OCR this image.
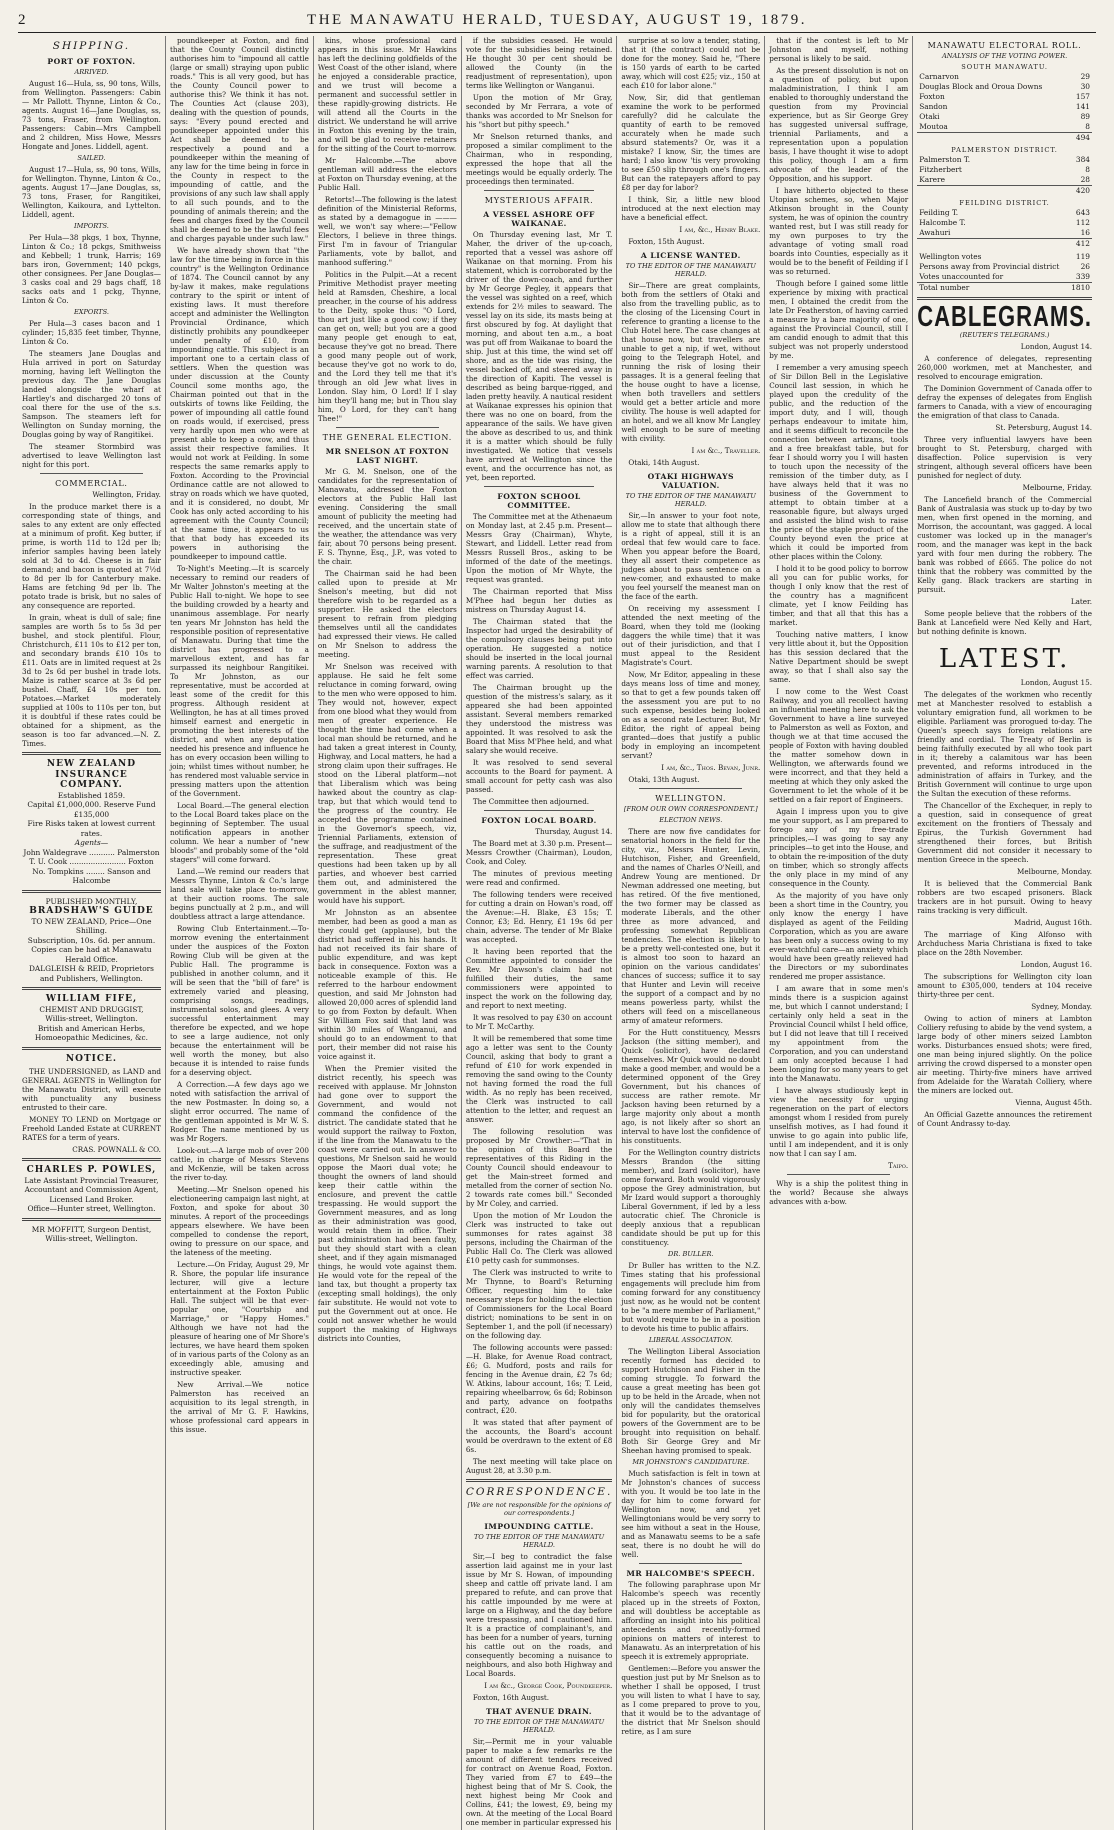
2	THE MANAWATU HERALD, TUESDAY, AUGUST 19, 1879.
SHIPPING.
PORT OF FOXTON.
ARRIVED.

August 16—Hula, ss, 90 tons, Wills, from Wellington. Passengers: Cabin — Mr Pallott. Thynne, Linton & Co., agents. August 16—Jane Douglas, ss, 73 tons, Fraser, from Wellington. Passengers: Cabin—Mrs Campbell and 2 children, Miss Howe, Messrs Hongate and Jones. Liddell, agent.

SAILED.

August 17—Hula, ss, 90 tons, Wills, for Wellington. Thynne, Linton & Co., agents. August 17—Jane Douglas, ss, 73 tons, Fraser, for Rangitikei, Wellington, Kaikoura, and Lyttelton. Liddell, agent.

IMPORTS.

Per Hula—38 pkgs, 1 box, Thynne, Linton & Co.; 18 pckgs, Smithweiss and Kebbell; 1 trunk, Harris; 169 bars iron, Government; 140 pckgs, other consignees. Per Jane Douglas—3 casks coal and 29 bags chaff, 18 sacks oats and 1 pckg, Thynne, Linton & Co.

EXPORTS.

Per Hula—3 cases bacon and 1 cylinder; 15,835 feet timber, Thynne, Linton & Co.

The steamers Jane Douglas and Hula arrived in port on Saturday morning, having left Wellington the previous day. The Jane Douglas landed alongside the wharf at Hartley's and discharged 20 tons of coal there for the use of the s.s. Sampson. The steamers left for Wellington on Sunday morning, the Douglas going by way of Rangitikei.

The steamer Stormbird was advertised to leave Wellington last night for this port.

COMMERCIAL.
Wellington, Friday.

In the produce market there is a corresponding state of things, and sales to any extent are only effected at a minimum of profit. Keg butter, if prime, is worth 11d to 12d per lb; inferior samples having been lately sold at 3d to 4d. Cheese is in fair demand; and bacon is quoted at 7½d to 8d per lb for Canterbury make. Hams are fetching 9d per lb. The potato trade is brisk, but no sales of any consequence are reported.

In grain, wheat is dull of sale; fine samples are worth 5s to 5s 3d per bushel, and stock plentiful. Flour, Christchurch, £11 10s to £12 per ton, and secondary brands £10 10s to £11. Oats are in limited request at 2s 3d to 2s 6d per bushel in trade lots. Maize is rather scarce at 3s 6d per bushel. Chaff, £4 10s per ton. Potatoes.—Market moderately supplied at 100s to 110s per ton, but it is doubtful if these rates could be obtained for a shipment, as the season is too far advanced.—N. Z. Times.

NEW ZEALAND INSURANCE COMPANY.
Established 1859.
Capital £1,000,000. Reserve Fund £135,000
Fire Risks taken at lowest current rates.
Agents—
John Waldegrave ........... Palmerston
T. U. Cook ........................ Foxton
No. Tompkins ........ Sanson and Halcombe
PUBLISHED MONTHLY,
BRADSHAW'S GUIDE
TO NEW ZEALAND, Price—One Shilling.
Subscription, 10s. 6d. per annum.
Copies can be had at Manawatu Herald Office.
DALGLEISH & REID, Proprietors and Publishers, Wellington.
WILLIAM FIFE,
CHEMIST AND DRUGGIST,
Willis-street, Wellington.
British and American Herbs, Homoeopathic Medicines, &c.
NOTICE.

THE UNDERSIGNED, as LAND and GENERAL AGENTS in Wellington for the Manawatu District, will execute with punctuality any business entrusted to their care.

MONEY TO LEND on Mortgage or Freehold Landed Estate at CURRENT RATES for a term of years.

CRAS. POWNALL & CO.
CHARLES P. POWLES,
Late Assistant Provincial Treasurer, Accountant and Commission Agent, Licensed Land Broker.
Office—Hunter street, Wellington.
MR MOFFITT, Surgeon Dentist, Willis-street, Wellington.

poundkeeper at Foxton, and find that the County Council distinctly authorises him to "impound all cattle (large or small) straying upon public roads." This is all very good, but has the County Council power to authorise this? We think it has not. The Counties Act (clause 203), dealing with the question of pounds, says: "Every pound erected and poundkeeper appointed under this Act shall be deemed to be respectively a pound and a poundkeeper within the meaning of any law for the time being in force in the County in respect to the impounding of cattle, and the provisions of any such law shall apply to all such pounds, and to the pounding of animals therein; and the fees and charges fixed by the Council shall be deemed to be the lawful fees and charges payable under such law."

We have already shown that "the law for the time being in force in this country" is the Wellington Ordinance of 1874. The Council cannot by any by-law it makes, make regulations contrary to the spirit or intent of existing laws. It must therefore accept and administer the Wellington Provincial Ordinance, which distinctly prohibits any poundkeeper under penalty of £10, from impounding cattle. This subject is an important one to a certain class of settlers. When the question was under discussion at the County Council some months ago, the Chairman pointed out that in the outskirts of towns like Feilding, the power of impounding all cattle found on roads would, if exercised, press very hardly upon men who were at present able to keep a cow, and thus assist their respective families. It would not work at Feilding. In some respects the same remarks apply to Foxton. According to the Provincial Ordinance cattle are not allowed to stray on roads which we have quoted, and it is considered, no doubt, Mr Cook has only acted according to his agreement with the County Council; at the same time, it appears to us that that body has exceeded its powers in authorising the poundkeeper to impound cattle.

To-Night's Meeting.—It is scarcely necessary to remind our readers of Mr Walter Johnston's meeting at the Public Hall to-night. We hope to see the building crowded by a hearty and unanimous assemblage. For nearly ten years Mr Johnston has held the responsible position of representative of Manawatu. During that time the district has progressed to a marvellous extent, and has far surpassed its neighbour Rangitikei. To Mr Johnston, as our representative, must be accorded at least some of the credit for this progress. Although resident at Wellington, he has at all times proved himself earnest and energetic in promoting the best interests of the district, and when any deputation needed his presence and influence he has on every occasion been willing to join; whilst times without number, he has rendered most valuable service in pressing matters upon the attention of the Government.

Local Board.—The general election to the Local Board takes place on the beginning of September. The usual notification appears in another column. We hear a number of "new bloods" and probably some of the "old stagers" will come forward.

Land.—We remind our readers that Messrs Thynne, Linton & Co.'s large land sale will take place to-morrow, at their auction rooms. The sale begins punctually at 2 p.m., and will doubtless attract a large attendance.

Rowing Club Entertainment.—To-morrow evening the entertainment under the auspices of the Foxton Rowing Club will be given at the Public Hall. The programme is published in another column, and it will be seen that the "bill of fare" is extremely varied and pleasing, comprising songs, readings, instrumental solos, and glees. A very successful entertainment may therefore be expected, and we hope to see a large audience, not only because the entertainment will be well worth the money, but also because it is intended to raise funds for a deserving object.

A Correction.—A few days ago we noted with satisfaction the arrival of the new Postmaster. In doing so, a slight error occurred. The name of the gentleman appointed is Mr W. S. Rodger. The name mentioned by us was Mr Rogers.

Look-out.—A large mob of over 200 cattle, in charge of Messrs Stevens and McKenzie, will be taken across the river to-day.

Meeting.—Mr Snelson opened his electioneering campaign last night, at Foxton, and spoke for about 30 minutes. A report of the proceedings appears elsewhere. We have been compelled to condense the report, owing to pressure on our space, and the lateness of the meeting.

Lecture.—On Friday, August 29, Mr R. Shore, the popular life insurance lecturer, will give a lecture entertainment at the Foxton Public Hall. The subject will be that ever-popular one, "Courtship and Marriage," or "Happy Homes." Although we have not had the pleasure of hearing one of Mr Shore's lectures, we have heard them spoken of in various parts of the Colony as an exceedingly able, amusing and instructive speaker.

New Arrival.—We notice Palmerston has received an acquisition to its legal strength, in the arrival of Mr G. F. Hawkins, whose professional card appears in this issue.

kins, whose professional card appears in this issue. Mr Hawkins has left the declining goldfields of the West Coast of the other island, where he enjoyed a considerable practice, and we trust will become a permanent and successful settler in these rapidly-growing districts. He will attend all the Courts in the district. We understand he will arrive in Foxton this evening by the train, and will be glad to receive retainers for the sitting of the Court to-morrow.

Mr Halcombe.—The above gentleman will address the electors at Foxton on Thursday evening, at the Public Hall.

Retorts!—The following is the latest definition of the Ministerial Reforms, as stated by a demagogue in ——— well, we won't say where:—"Fellow Electors, I believe in three things. First I'm in favour of Triangular Parliaments, vote by ballot, and manhood suffering."

Politics in the Pulpit.—At a recent Primitive Methodist prayer meeting held at Ramsden, Cheshire, a local preacher, in the course of his address to the Deity, spoke thus: "O Lord, thou art just like a good cow; if they can get on, well; but you are a good many people get enough to eat, because they've got no bread. There a good many people out of work, because they've got no work to do, and the Lord they tell me that it's through an old Jew what lives in London. Slay him, O Lord! If I slay him they'll hang me; but in Thou slay him, O Lord, for they can't hang Thee!"

THE GENERAL ELECTION.
MR SNELSON AT FOXTON LAST NIGHT.

Mr G. M. Snelson, one of the candidates for the representation of Manawatu, addressed the Foxton electors at the Public Hall last evening. Considering the small amount of publicity the meeting had received, and the uncertain state of the weather, the attendance was very fair, about 70 persons being present. F. S. Thynne, Esq., J.P., was voted to the chair.

The Chairman said he had been called upon to preside at Mr Snelson's meeting, but did not therefore wish to be regarded as a supporter. He asked the electors present to refrain from pledging themselves until all the candidates had expressed their views. He called on Mr Snelson to address the meeting.

Mr Snelson was received with applause. He said he felt some reluctance in coming forward, owing to the men who were opposed to him. They would not, however, expect from one blood what they would from men of greater experience. He thought the time had come when a local man should be returned, and he had taken a great interest in County, Highway, and Local matters, he had a strong claim upon their suffrages. He stood on the Liberal platform—not that Liberalism which was being hawked about the country as clap-trap, but that which would tend to the progress of the country. He accepted the programme contained in the Governor's speech, viz, Triennial Parliaments, extension of the suffrage, and readjustment of the representation. These great questions had been taken up by all parties, and whoever best carried them out, and administered the government in the ablest manner, would have his support.

Mr Johnston as an absentee member, had been as good a man as they could get (applause), but the district had suffered in his hands. It had not received its fair share of public expenditure, and was kept back in consequence. Foxton was a noticeable example of this. He referred to the harbour endowment question, and said Mr Johnston had allowed 20,000 acres of splendid land to go from Foxton by default. When Sir William Fox said that land was within 30 miles of Wanganui, and should go to an endowment to that port, their member did not raise his voice against it.

When the Premier visited the district recently, his speech was received with applause. Mr Johnston had gone over to support the Government, and would not command the confidence of the district. The candidate stated that he would support the railway to Foxton, if the line from the Manawatu to the coast were carried out. In answer to questions, Mr Snelson said he would oppose the Maori dual vote; he thought the owners of land should keep their cattle within the enclosure, and prevent the cattle trespassing. He would support the Government measures, and as long as their administration was good, would retain them in office. Their past administration had been faulty, but they should start with a clean sheet, and if they again mismanaged things, he would vote against them. He would vote for the repeal of the land tax, but thought a property tax (excepting small holdings), the only fair substitute. He would not vote to put the Government out at once. He could not answer whether he would support the making of Highways districts into Counties,

if the subsidies ceased. He would vote for the subsidies being retained. He thought 30 per cent should be allowed the County (in the readjustment of representation), upon terms like Wellington or Wanganui.

Upon the motion of Mr Gray, seconded by Mr Ferrara, a vote of thanks was accorded to Mr Snelson for his "short but pithy speech."

Mr Snelson returned thanks, and proposed a similar compliment to the Chairman, who in responding, expressed the hope that all the meetings would be equally orderly. The proceedings then terminated.

MYSTERIOUS AFFAIR.
A VESSEL ASHORE OFF WAIKANAE.

On Thursday evening last, Mr T. Maher, the driver of the up-coach, reported that a vessel was ashore off Waikanae on that morning. From his statement, which is corroborated by the driver of the down-coach, and further by Mr George Pegley, it appears that the vessel was sighted on a reef, which extends for 2½ miles to seaward. The vessel lay on its side, its masts being at first obscured by fog. At daylight that morning, and about ten a.m., a boat was put off from Waikanae to board the ship. Just at this time, the wind set off shore, and as the tide was rising, the vessel backed off, and steered away in the direction of Kapiti. The vessel is described as being barque-rigged, and laden pretty heavily. A nautical resident at Waikanae expresses his opinion that there was no one on board, from the appearance of the sails. We have given the above as described to us, and think it is a matter which should be fully investigated. We notice that vessels have arrived at Wellington since the event, and the occurrence has not, as yet, been reported.

FOXTON SCHOOL COMMITTEE.

The Committee met at the Athenaeum on Monday last, at 2.45 p.m. Present—Messrs Gray (Chairman), Whyte, Stewart, and Liddell. Letter read from Messrs Russell Bros., asking to be informed of the date of the meetings. Upon the motion of Mr Whyte, the request was granted.

The Chairman reported that Miss M'Phee had begun her duties as mistress on Thursday August 14.

The Chairman stated that the Inspector had urged the desirability of the compulsory clauses being put into operation. He suggested a notice should be inserted in the local journal warning parents. A resolution to that effect was carried.

The Chairman brought up the question of the mistress's salary, as it appeared she had been appointed assistant. Several members remarked they understood the mistress was appointed. It was resolved to ask the Board that Miss M'Phee held, and what salary she would receive.

It was resolved to send several accounts to the Board for payment. A small account for petty cash was also passed.

The Committee then adjourned.

FOXTON LOCAL BOARD.
Thursday, August 14.

The Board met at 3.30 p.m. Present—Messrs Crowther (Chairman), Loudon, Cook, and Coley.

The minutes of previous meeting were read and confirmed.

The following tenders were received for cutting a drain on Howan's road, off the Avenue:—H. Blake, £3 15s; T. Connor, £3; Ed. Henry, £1 19s 6d per chain, adverse. The tender of Mr Blake was accepted.

It having been reported that the Committee appointed to consider the Rev. Mr Dawson's claim had not fulfilled their duties, the same commissioners were appointed to inspect the work on the following day, and report to next meeting.

It was resolved to pay £30 on account to Mr T. McCarthy.

It will be remembered that some time ago a letter was sent to the County Council, asking that body to grant a refund of £10 for work expended in removing the sand owing to the County not having formed the road the full width. As no reply has been received, the Clerk was instructed to call attention to the letter, and request an answer.

The following resolution was proposed by Mr Crowther:—"That in the opinion of this Board the representatives of this Riding in the County Council should endeavour to get the Main-street formed and metalled from the corner of section No. 2 towards rate comes bill." Seconded by Mr Coley, and carried.

Upon the motion of Mr Loudon the Clerk was instructed to take out summonses for rates against 38 persons, including the Chairman of the Public Hall Co. The Clerk was allowed £10 petty cash for summonses.

The Clerk was instructed to write to Mr Thynne, to Board's Returning Officer, requesting him to take necessary steps for holding the election of Commissioners for the Local Board district; nominations to be sent in on September 1, and the poll (if necessary) on the following day.

The following accounts were passed:—H. Blake, for Avenue Road contract, £6; G. Mudford, posts and rails for fencing in the Avenue drain, £2 7s 6d; W. Atkins, labour account, 16s; T. Leid, repairing wheelbarrow, 6s 6d; Robinson and party, advance on footpaths contract, £20.

It was stated that after payment of the accounts, the Board's account would be overdrawn to the extent of £8 6s.

The next meeting will take place on August 28, at 3.30 p.m.

CORRESPONDENCE.
[We are not responsible for the opinions of our correspondents.]
IMPOUNDING CATTLE.
TO THE EDITOR OF THE MANAWATU HERALD.

Sir,—I beg to contradict the false assertion laid against me in your last issue by Mr S. Howan, of impounding sheep and cattle off private land. I am prepared to refute, and can prove that his cattle impounded by me were at large on a Highway, and the day before were trespassing, and I cautioned him. It is a practice of complainant's, and has been for a number of years, turning his cattle out on the roads, and consequently becoming a nuisance to neighbours, and also both Highway and Local Boards.

I am &c., George Cook, Poundkeeper.

Foxton, 16th August.

THAT AVENUE DRAIN.
TO THE EDITOR OF THE MANAWATU HERALD.

Sir,—Permit me in your valuable paper to make a few remarks re the amount of different tenders received for contract on Avenue Road, Foxton. They varied from £7 to £49—the highest being that of Mr S. Cook, the next highest being Mr Cook and Collins, £41; the lowest, £9, being my own. At the meeting of the Local Board one member in particular expressed his

surprise at so low a tender, stating, that it (the contract) could not be done for the money. Said he, "There is 150 yards of earth to be carted away, which will cost £25; viz., 150 at each £10 for labor alone."

Now, Sir, did that gentleman examine the work to be performed carefully? did he calculate the quantity of earth to be removed accurately when he made such absurd statements? Or, was it a mistake? I know, Sir, the times are hard; I also know 'tis very provoking to see £50 slip through one's fingers. But can the ratepayers afford to pay £8 per day for labor?

I think, Sir, a little new blood introduced at the next election may have a beneficial effect.

I am, &c., Henry Blake.

Foxton, 15th August.

A LICENSE WANTED.
TO THE EDITOR OF THE MANAWATU HERALD.

Sir—There are great complaints, both from the settlers of Otaki and also from the travelling public, as to the closing of the Licensing Court in reference to granting a license to the Club Hotel here. The case changes at that house now, but travellers are unable to get a nip, if wet, without going to the Telegraph Hotel, and running the risk of losing their passages. It is a general feeling that the house ought to have a license, when both travellers and settlers would get a better article and more civility. The house is well adapted for an hotel, and we all know Mr Langley well enough to be sure of meeting with civility.

I am &c., Traveller.

Otaki, 14th August.

OTAKI HIGHWAYS VALUATION.
TO THE EDITOR OF THE MANAWATU HERALD.

Sir,—In answer to your foot note, allow me to state that although there is a right of appeal, still it is an ordeal that few would care to face. When you appear before the Board, they all assert their competence as judges about to pass sentence on a new-comer, and exhausted to make you feel yourself the meanest man on the face of the earth.

On receiving my assessment I attended the next meeting of the Board, when they told me (looking daggers the while time) that it was out of their jurisdiction, and that I must appeal to the Resident Magistrate's Court.

Now, Mr Editor, appealing in these days means loss of time and money, so that to get a few pounds taken off the assessment you are put to no such expense, besides being looked on as a second rate Lecturer. But, Mr Editor, the right of appeal being granted—does that justify a public body in employing an incompetent servant?

I am, &c., Thos. Bevan, Junr.

Otaki, 13th August.

WELLINGTON.
[FROM OUR OWN CORRESPONDENT.]
ELECTION NEWS.

There are now five candidates for senatorial honors in the field for the city, viz., Messrs Hunter, Levin, Hutchison, Fisher, and Greenfield, and the names of Charles O'Neill, and Andrew Young are mentioned. Dr Newman addressed one meeting, but has retired. Of the five mentioned, the two former may be classed as moderate Liberals, and the other three as more advanced, and professing somewhat Republican tendencies. The election is likely to be a pretty well-contested one, but it is almost too soon to hazard an opinion on the various candidates' chances of success; suffice it to say that Hunter and Levin will receive the support of a compact and by no means powerless party, whilst the others will feed on a miscellaneous army of amateur reformers.

For the Hutt constituency, Messrs Jackson (the sitting member), and Quick (solicitor), have declared themselves. Mr Quick would no doubt make a good member, and would be a determined opponent of the Grey Government, but his chances of success are rather remote. Mr Jackson having been returned by a large majority only about a month ago, is not likely after so short an interval to have lost the confidence of his constituents.

For the Wellington country districts Messrs Brandon (the sitting member), and Izard (solicitor), have come forward. Both would vigorously oppose the Grey administration, but Mr Izard would support a thoroughly Liberal Government, if led by a less autocratic chief. The Chronicle is deeply anxious that a republican candidate should be put up for this constituency.

DR. BULLER.

Dr Buller has written to the N.Z. Times stating that his professional engagements will preclude him from coming forward for any constituency just now, as he would not be content to be "a mere member of Parliament," but would require to be in a position to devote his time to public affairs.

LIBERAL ASSOCIATION.

The Wellington Liberal Association recently formed has decided to support Hutchison and Fisher in the coming struggle. To forward the cause a great meeting has been got up to be held in the Arcade, when not only will the candidates themselves bid for popularity, but the oratorical powers of the Government are to be brought into requisition on behalf. Both Sir George Grey and Mr Sheehan having promised to speak.

MR JOHNSTON'S CANDIDATURE.

Much satisfaction is felt in town at Mr Johnston's chances of success with you. It would be too late in the day for him to come forward for Wellington now, and yet Wellingtonians would be very sorry to see him without a seat in the House, and as Manawatu seems to be a safe seat, there is no doubt he will do well.

MR HALCOMBE'S SPEECH.

The following paraphrase upon Mr Halcombe's speech was recently placed up in the streets of Foxton, and will doubtless be acceptable as affording an insight into his political antecedents and recently-formed opinions on matters of interest to Manawatu. As an interpretation of his speech it is extremely appropriate.

Gentlemen:—Before you answer the question just put by Mr Snelson as to whether I shall be opposed, I trust you will listen to what I have to say, as I come prepared to prove to you, that it would be to the advantage of the district that Mr Snelson should retire, as I am sure

that if the contest is left to Mr Johnston and myself, nothing personal is likely to be said.

As the present dissolution is not on a question of policy, but upon maladministration, I think I am enabled to thoroughly understand the question from my Provincial experience, but as Sir George Grey has suggested universal suffrage, triennial Parliaments, and a representation upon a population basis, I have thought it wise to adopt this policy, though I am a firm advocate of the leader of the Opposition, and his support.

I have hitherto objected to these Utopian schemes, so, when Major Atkinson brought in the County system, he was of opinion the country wanted rest, but I was still ready for my own purposes to try the advantage of voting small road boards into Counties, especially as it would be to the benefit of Feilding if I was so returned.

Though before I gained some little experience by mixing with practical men, I obtained the credit from the late Dr Featherston, of having carried a measure by a bare majority of one, against the Provincial Council, still I am candid enough to admit that this subject was not properly understood by me.

I remember a very amusing speech of Sir Dillon Bell in the Legislative Council last session, in which he played upon the credulity of the public, and the reduction of the import duty, and I will, though perhaps endeavour to imitate him, and it seems difficult to reconcile the connection between artizans, tools and a free breakfast table, but for fear I should worry you I will hasten to touch upon the necessity of the remission of the timber duty, as I have always held that it was no business of the Government to attempt to obtain timber at a reasonable figure, but always urged and assisted the blind wish to raise the price of the staple product of the County beyond even the price at which it could be imported from other places within the Colony.

I hold it to be good policy to borrow all you can for public works, for though I only know that the rest of the country has a magnificent climate, yet I know Feilding has timber, and that all that this has a market.

Touching native matters, I know very little about it, but the Opposition has this session declared that the Native Department should be swept away, so that I shall also say the same.

I now come to the West Coast Railway, and you all recollect having an influential meeting here to ask the Government to have a line surveyed to Palmerston as well as Foxton, and though we at that time accused the people of Foxton with having doubled the matter somehow down in Wellington, we afterwards found we were incorrect, and that they held a meeting at which they only asked the Government to let the whole of it be settled on a fair report of Engineers.

Again I impress upon you to give me your support, as I am prepared to forego any of my free-trade principles,—I was going to say any principles—to get into the House, and to obtain the re-imposition of the duty on timber, which so strongly affects the only place in my mind of any consequence in the County.

As the majority of you have only been a short time in the Country, you only know the energy I have displayed as agent of the Feilding Corporation, which as you are aware has been only a success owing to my ever-watchful care—an anxiety which would have been greatly relieved had the Directors or my subordinates rendered me proper assistance.

I am aware that in some men's minds there is a suspicion against me, but which I cannot understand; I certainly only held a seat in the Provincial Council whilst I held office, but I did not leave that till I received my appointment from the Corporation, and you can understand I am only accepted because I had been longing for so many years to get into the Manawatu.

I have always studiously kept in view the necessity for urging regeneration on the part of electors amongst whom I resided from purely unselfish motives, as I had found it unwise to go again into public life, until I am independent, and it is only now that I can say I am.

Taipo.

Why is a ship the politest thing in the world? Because she always advances with a-bow.

MANAWATU ELECTORAL ROLL.
ANALYSIS OF THE VOTING POWER.
SOUTH MANAWATU.
Carnarvon	29
Douglas Block and Oroua Downs	30
Foxton	157
Sandon	141
Otaki	89
Moutoa	8
	494
PALMERSTON DISTRICT.
Palmerston T.	384
Fitzherbert	8
Karere	28
	420
FEILDING DISTRICT.
Feilding T.	643
Halcombe T.	112
Awahuri	16
	412
Wellington votes	119
Persons away from Provincial district	26
Votes unaccounted for	339
Total number	1810
CABLEGRAMS.
(REUTER'S TELEGRAMS.)
London, August 14.

A conference of delegates, representing 260,000 workmen, met at Manchester, and resolved to encourage emigration.

The Dominion Government of Canada offer to defray the expenses of delegates from English farmers to Canada, with a view of encouraging the emigration of that class to Canada.

St. Petersburg, August 14.

Three very influential lawyers have been brought to St. Petersburg, charged with disaffection. Police supervision is very stringent, although several officers have been punished for neglect of duty.

Melbourne, Friday.

The Lancefield branch of the Commercial Bank of Australasia was stuck up to-day by two men, when first opened in the morning, and Morrison, the accountant, was gagged. A local customer was locked up in the manager's room, and the manager was kept in the back yard with four men during the robbery. The bank was robbed of £665. The police do not think that the robbery was committed by the Kelly gang. Black trackers are starting in pursuit.

Later.

Some people believe that the robbers of the Bank at Lancefield were Ned Kelly and Hart, but nothing definite is known.

LATEST.
London, August 15.

The delegates of the workmen who recently met at Manchester resolved to establish a voluntary emigration fund, all workmen to be eligible. Parliament was prorogued to-day. The Queen's speech says foreign relations are friendly and cordial. The Treaty of Berlin is being faithfully executed by all who took part in it; thereby a calamitous war has been prevented, and reforms introduced in the administration of affairs in Turkey, and the British Government will continue to urge upon the Sultan the execution of these reforms.

The Chancellor of the Exchequer, in reply to a question, said in consequence of great excitement on the frontiers of Thessaly and Epirus, the Turkish Government had strengthened their forces, but British Government did not consider it necessary to mention Greece in the speech.

Melbourne, Monday.

It is believed that the Commercial Bank robbers are two escaped prisoners. Black trackers are in hot pursuit. Owing to heavy rains tracking is very difficult.

Madrid, August 16th.

The marriage of King Alfonso with Archduchess Maria Christiana is fixed to take place on the 28th November.

London, August 16.

The subscriptions for Wellington city loan amount to £305,000, tenders at 104 receive thirty-three per cent.

Sydney, Monday.

Owing to action of miners at Lambton Colliery refusing to abide by the vend system, a large body of other miners seized Lambton works. Disturbances ensued shots; were fired, one man being injured slightly. On the police arriving the crowd dispersed to a monster open air meeting. Thirty-five miners have arrived from Adelaide for the Waratah Colliery, where the miners are locked out.

Vienna, August 45th.

An Official Gazette announces the retirement of Count Andrassy to-day.
